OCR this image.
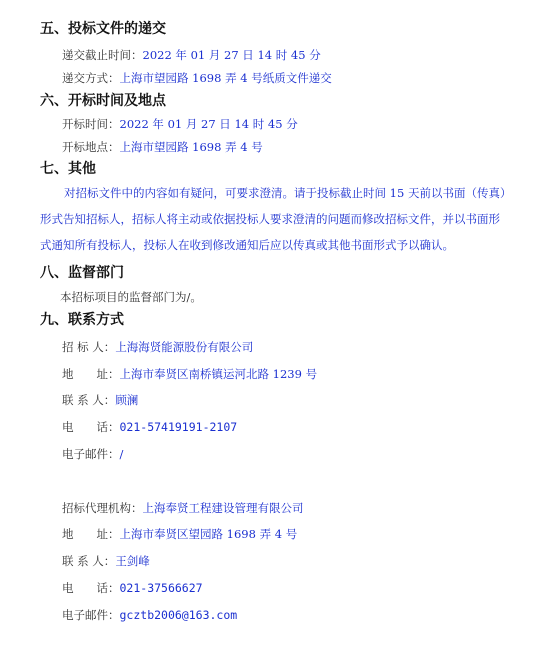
五、投标文件的递交
递交截止时间：2022 年 01 月 27 日 14 时 45 分
递交方式：上海市望园路 1698 弄 4 号纸质文件递交
六、开标时间及地点
开标时间：2022 年 01 月 27 日 14 时 45 分
开标地点：上海市望园路 1698 弄 4 号
七、其他
对招标文件中的内容如有疑问，可要求澄清。请于投标截止时间 15 天前以书面（传真）
形式告知招标人，招标人将主动或依据投标人要求澄清的问题而修改招标文件，并以书面形
式通知所有投标人，投标人在收到修改通知后应以传真或其他书面形式予以确认。
八、监督部门
本招标项目的监督部门为/。
九、联系方式
招 标 人：上海海贤能源股份有限公司
地　　址：上海市奉贤区南桥镇运河北路 1239 号
联 系 人：顾澜
电　　话：021-57419191-2107
电子邮件：/
招标代理机构：上海奉贤工程建设管理有限公司
地　　址：上海市奉贤区望园路 1698 弄 4 号
联 系 人：王剑峰
电　　话：021-37566627
电子邮件：gcztb2006@163.com
